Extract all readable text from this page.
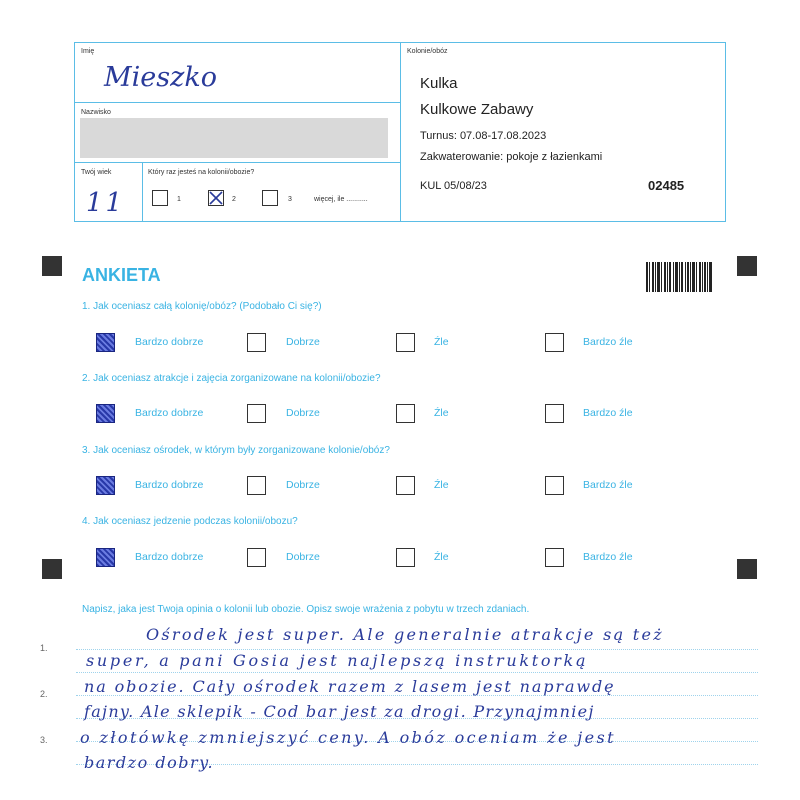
Imię
Mieszko
Nazwisko
Twój wiek
11
Który raz jesteś na kolonii/obozie?
1	2	3	więcej, ile ...........
Kolonie/obóz
Kulka
Kulkowe Zabawy
Turnus: 07.08-17.08.2023
Zakwaterowanie: pokoje z łazienkami
KUL 05/08/23	02485
ANKIETA
1. Jak oceniasz całą kolonię/obóz? (Podobało Ci się?)
2. Jak oceniasz atrakcje i zajęcia zorganizowane na kolonii/obozie?
3. Jak oceniasz ośrodek, w którym były zorganizowane kolonie/obóz?
4. Jak oceniasz jedzenie podczas kolonii/obozu?
Bardzo dobrze	Dobrze	Źle	Bardzo źle
Bardzo dobrze	Dobrze	Źle	Bardzo źle
Bardzo dobrze	Dobrze	Źle	Bardzo źle
Bardzo dobrze	Dobrze	Źle	Bardzo źle
Napisz, jaka jest Twoja opinia o kolonii lub obozie. Opisz swoje wrażenia z pobytu w trzech zdaniach.
1.
2.
3.
Ośrodek jest super. Ale generalnie atrakcje są też
super, a pani Gosia jest najlepszą instruktorką
na obozie. Cały ośrodek razem z lasem jest naprawdę
fajny. Ale sklepik - Cod bar jest za drogi. Przynajmniej
o złotówkę zmniejszyć ceny. A obóz oceniam że jest
bardzo dobry.
